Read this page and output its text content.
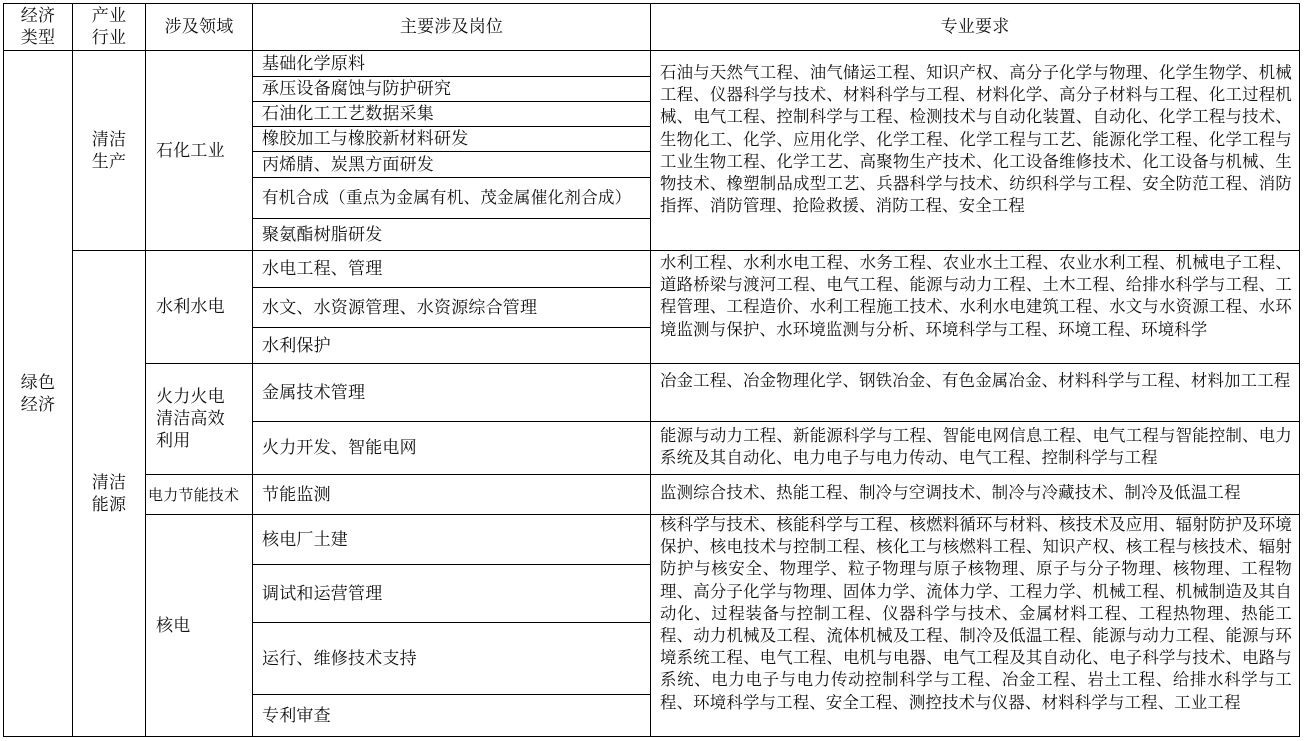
经济
类型
产业
行业
涉及领域	主要涉及岗位	专业要求
绿色
经济
清洁
生产
清洁
能源
石化工业
水利水电
火力火电
清洁高效
利用
电力节能技术
核电
基础化学原料
承压设备腐蚀与防护研究
石油化工工艺数据采集
橡胶加工与橡胶新材料研发
丙烯腈、炭黑方面研发
有机合成（重点为金属有机、茂金属催化剂合成）
聚氨酯树脂研发
水电工程、管理
水文、水资源管理、水资源综合管理
水利保护
金属技术管理
火力开发、智能电网
节能监测
核电厂土建
调试和运营管理
运行、维修技术支持
专利审查
石油与天然气工程、油气储运工程、知识产权、高分子化学与物理、化学生物学、机械工程、仪器科学与技术、材料科学与工程、材料化学、高分子材料与工程、化工过程机械、电气工程、控制科学与工程、检测技术与自动化装置、自动化、化学工程与技术、生物化工、化学、应用化学、化学工程、化学工程与工艺、能源化学工程、化学工程与工业生物工程、化学工艺、高聚物生产技术、化工设备维修技术、化工设备与机械、生物技术、橡塑制品成型工艺、兵器科学与技术、纺织科学与工程、安全防范工程、消防指挥、消防管理、抢险救援、消防工程、安全工程
水利工程、水利水电工程、水务工程、农业水土工程、农业水利工程、机械电子工程、道路桥梁与渡河工程、电气工程、能源与动力工程、土木工程、给排水科学与工程、工程管理、工程造价、水利工程施工技术、水利水电建筑工程、水文与水资源工程、水环境监测与保护、水环境监测与分析、环境科学与工程、环境工程、环境科学
冶金工程、冶金物理化学、钢铁冶金、有色金属冶金、材料科学与工程、材料加工工程
能源与动力工程、新能源科学与工程、智能电网信息工程、电气工程与智能控制、电力系统及其自动化、电力电子与电力传动、电气工程、控制科学与工程
监测综合技术、热能工程、制冷与空调技术、制冷与冷藏技术、制冷及低温工程
核科学与技术、核能科学与工程、核燃料循环与材料、核技术及应用、辐射防护及环境保护、核电技术与控制工程、核化工与核燃料工程、知识产权、核工程与核技术、辐射防护与核安全、物理学、粒子物理与原子核物理、原子与分子物理、核物理、工程物理、高分子化学与物理、固体力学、流体力学、工程力学、机械工程、机械制造及其自动化、过程装备与控制工程、仪器科学与技术、金属材料工程、工程热物理、热能工程、动力机械及工程、流体机械及工程、制冷及低温工程、能源与动力工程、能源与环境系统工程、电气工程、电机与电器、电气工程及其自动化、电子科学与技术、电路与系统、电力电子与电力传动控制科学与工程、冶金工程、岩土工程、给排水科学与工程、环境科学与工程、安全工程、测控技术与仪器、材料科学与工程、工业工程
